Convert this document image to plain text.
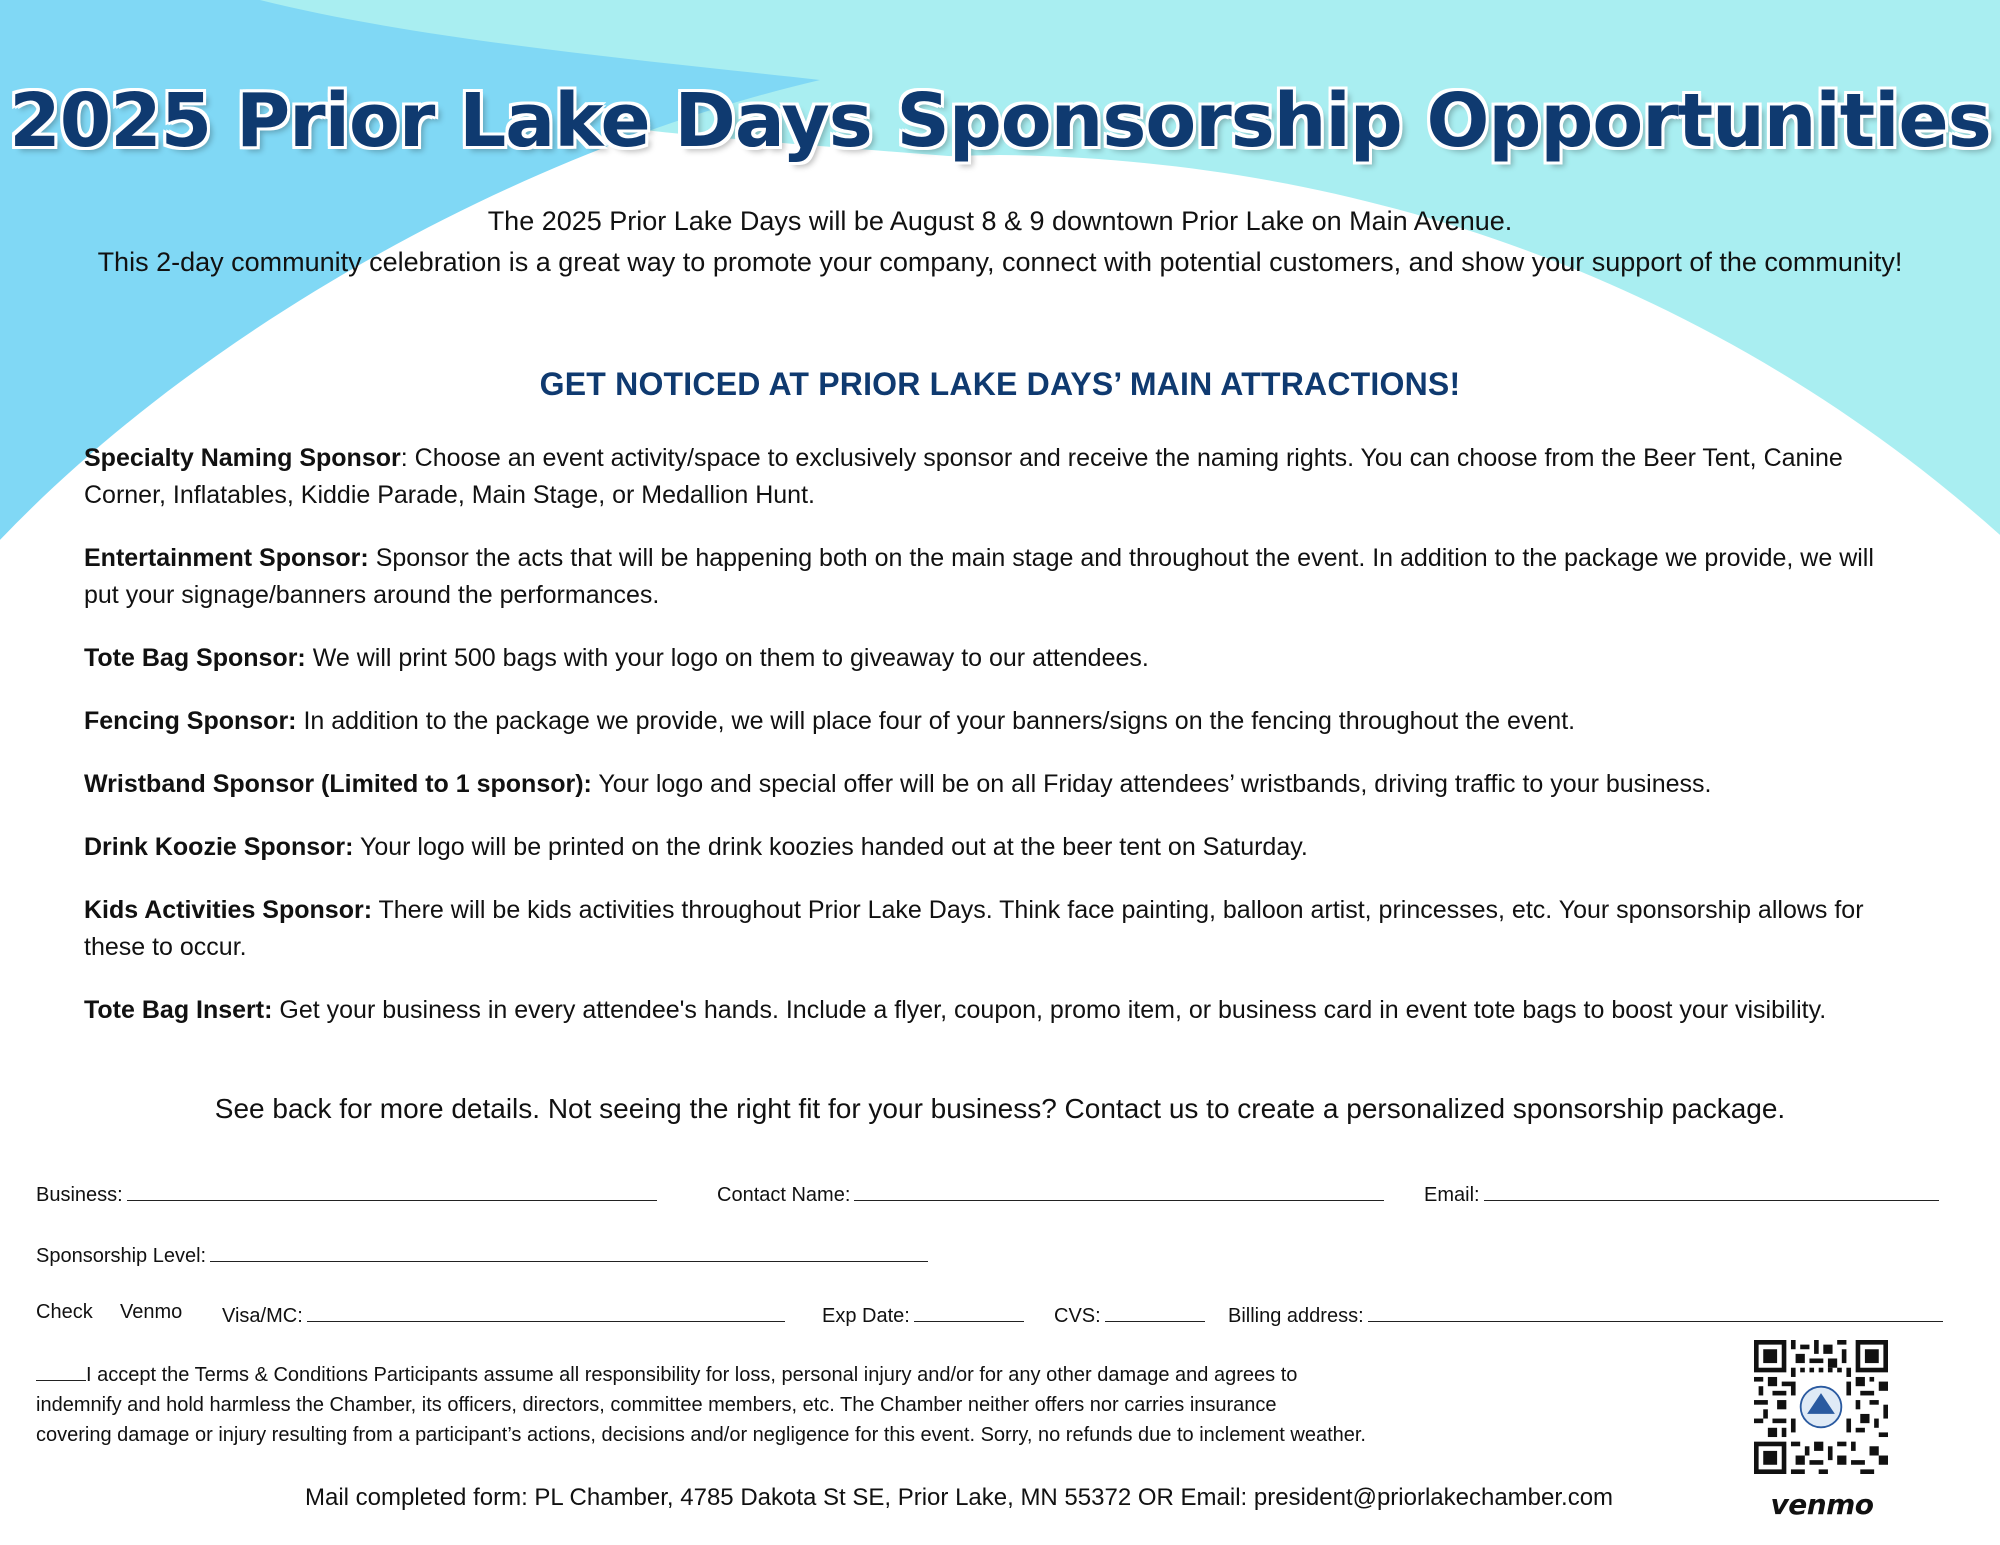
2025 Prior Lake Days Sponsorship Opportunities
The 2025 Prior Lake Days will be August 8 & 9 downtown Prior Lake on Main Avenue.
This 2-day community celebration is a great way to promote your company, connect with potential customers, and show your support of the community!
GET NOTICED AT PRIOR LAKE DAYS’ MAIN ATTRACTIONS!

Specialty Naming Sponsor: Choose an event activity/space to exclusively sponsor and receive the naming rights. You can choose from the Beer Tent, Canine Corner, Inflatables, Kiddie Parade, Main Stage, or Medallion Hunt.

Entertainment Sponsor: Sponsor the acts that will be happening both on the main stage and throughout the event. In addition to the package we provide, we will put your signage/banners around the performances.

Tote Bag Sponsor: We will print 500 bags with your logo on them to giveaway to our attendees.

Fencing Sponsor: In addition to the package we provide, we will place four of your banners/signs on the fencing throughout the event.

Wristband Sponsor (Limited to 1 sponsor): Your logo and special offer will be on all Friday attendees’ wristbands, driving traffic to your business.

Drink Koozie Sponsor: Your logo will be printed on the drink koozies handed out at the beer tent on Saturday.

Kids Activities Sponsor: There will be kids activities throughout Prior Lake Days. Think face painting, balloon artist, princesses, etc. Your sponsorship allows for these to occur.

Tote Bag Insert: Get your business in every attendee's hands. Include a flyer, coupon, promo item, or business card in event tote bags to boost your visibility.

See back for more details. Not seeing the right fit for your business? Contact us to create a personalized sponsorship package.
Business:	Contact Name:	Email:
Sponsorship Level:
Check Venmo Visa/MC:	Exp Date:	CVS:	Billing address:
I accept the Terms & Conditions Participants assume all responsibility for loss, personal injury and/or for any other damage and agrees to
indemnify and hold harmless the Chamber, its officers, directors, committee members, etc. The Chamber neither offers nor carries insurance
covering damage or injury resulting from a participant’s actions, decisions and/or negligence for this event. Sorry, no refunds due to inclement weather.
Mail completed form: PL Chamber, 4785 Dakota St SE, Prior Lake, MN 55372 OR Email: president@priorlakechamber.com	venmo
